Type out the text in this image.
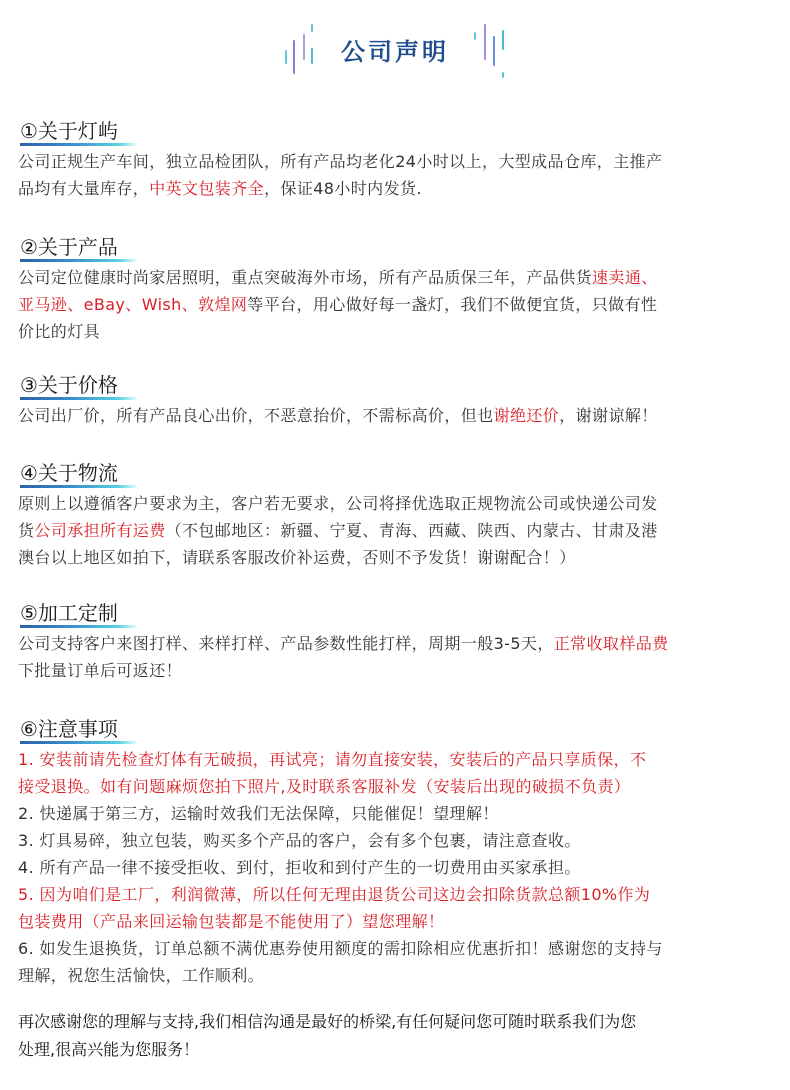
公司声明
①关于灯屿
公司正规生产车间，独立品检团队，所有产品均老化24小时以上，大型成品仓库，主推产
品均有大量库存，中英文包装齐全，保证48小时内发货.
②关于产品
公司定位健康时尚家居照明，重点突破海外市场，所有产品质保三年，产品供货速卖通、
亚马逊、eBay、Wish、敦煌网等平台，用心做好每一盏灯，我们不做便宜货，只做有性
价比的灯具
③关于价格
公司出厂价，所有产品良心出价，不恶意抬价，不需标高价，但也谢绝还价，谢谢谅解！
④关于物流
原则上以遵循客户要求为主，客户若无要求，公司将择优选取正规物流公司或快递公司发
货公司承担所有运费（不包邮地区：新疆、宁夏、青海、西藏、陕西、内蒙古、甘肃及港
澳台以上地区如拍下，请联系客服改价补运费，否则不予发货！谢谢配合！）
⑤加工定制
公司支持客户来图打样、来样打样、产品参数性能打样，周期一般3-5天，正常收取样品费
下批量订单后可返还！
⑥注意事项
1. 安装前请先检查灯体有无破损，再试亮；请勿直接安装，安装后的产品只享质保，不
接受退换。如有问题麻烦您拍下照片,及时联系客服补发（安装后出现的破损不负责）
2. 快递属于第三方，运输时效我们无法保障，只能催促！望理解！
3. 灯具易碎，独立包装，购买多个产品的客户，会有多个包裹，请注意查收。
4. 所有产品一律不接受拒收、到付，拒收和到付产生的一切费用由买家承担。
5. 因为咱们是工厂，利润微薄，所以任何无理由退货公司这边会扣除货款总额10%作为
包装费用（产品来回运输包装都是不能使用了）望您理解！
6. 如发生退换货，订单总额不满优惠券使用额度的需扣除相应优惠折扣！感谢您的支持与
理解，祝您生活愉快，工作顺利。
再次感谢您的理解与支持,我们相信沟通是最好的桥梁,有任何疑问您可随时联系我们为您
处理,很高兴能为您服务！
